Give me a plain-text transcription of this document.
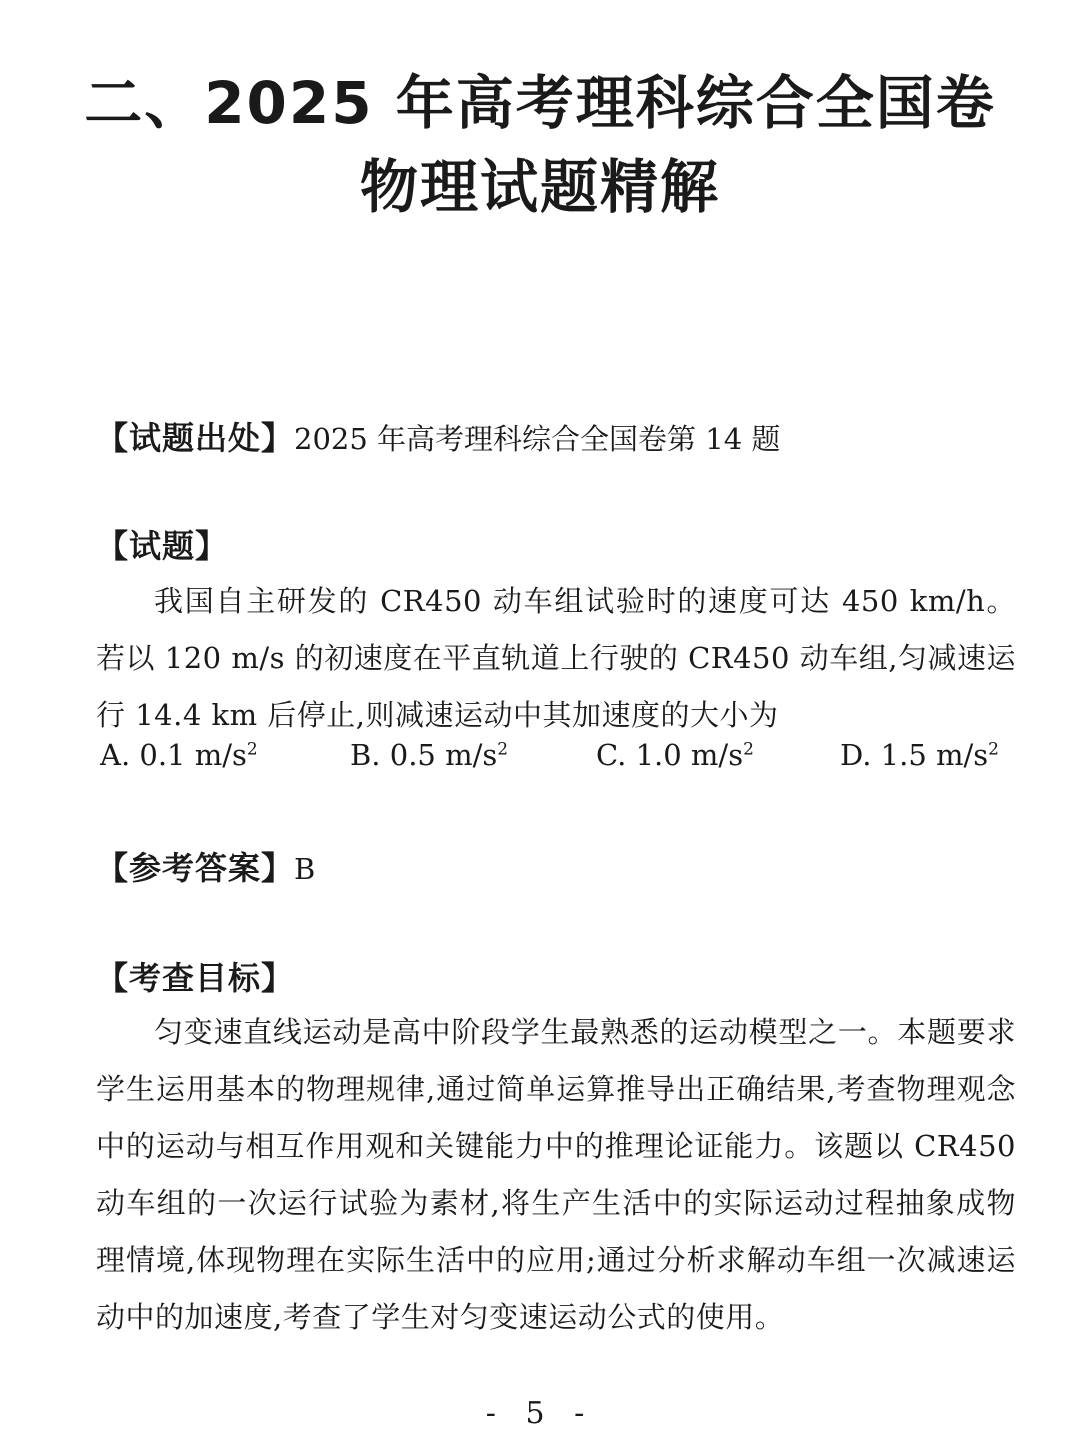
二、2025 年高考理科综合全国卷
物理试题精解
【试题出处】2025 年高考理科综合全国卷第 14 题
【试题】

我国自主研发的 CR450 动车组试验时的速度可达 450 km/h。若以 120 m/s 的初速度在平直轨道上行驶的 CR450 动车组,匀减速运行 14.4 km 后停止,则减速运动中其加速度的大小为

A. 0.1 $m/s^2$	B. 0.5 $m/s^2$	C. 1.0 $m/s^2$	D. 1.5 $m/s^2$
【参考答案】B
【考查目标】

匀变速直线运动是高中阶段学生最熟悉的运动模型之一。本题要求学生运用基本的物理规律,通过简单运算推导出正确结果,考查物理观念中的运动与相互作用观和关键能力中的推理论证能力。该题以 CR450 动车组的一次运行试验为素材,将生产生活中的实际运动过程抽象成物理情境,体现物理在实际生活中的应用;通过分析求解动车组一次减速运动中的加速度,考查了学生对匀变速运动公式的使用。

- 5 -
